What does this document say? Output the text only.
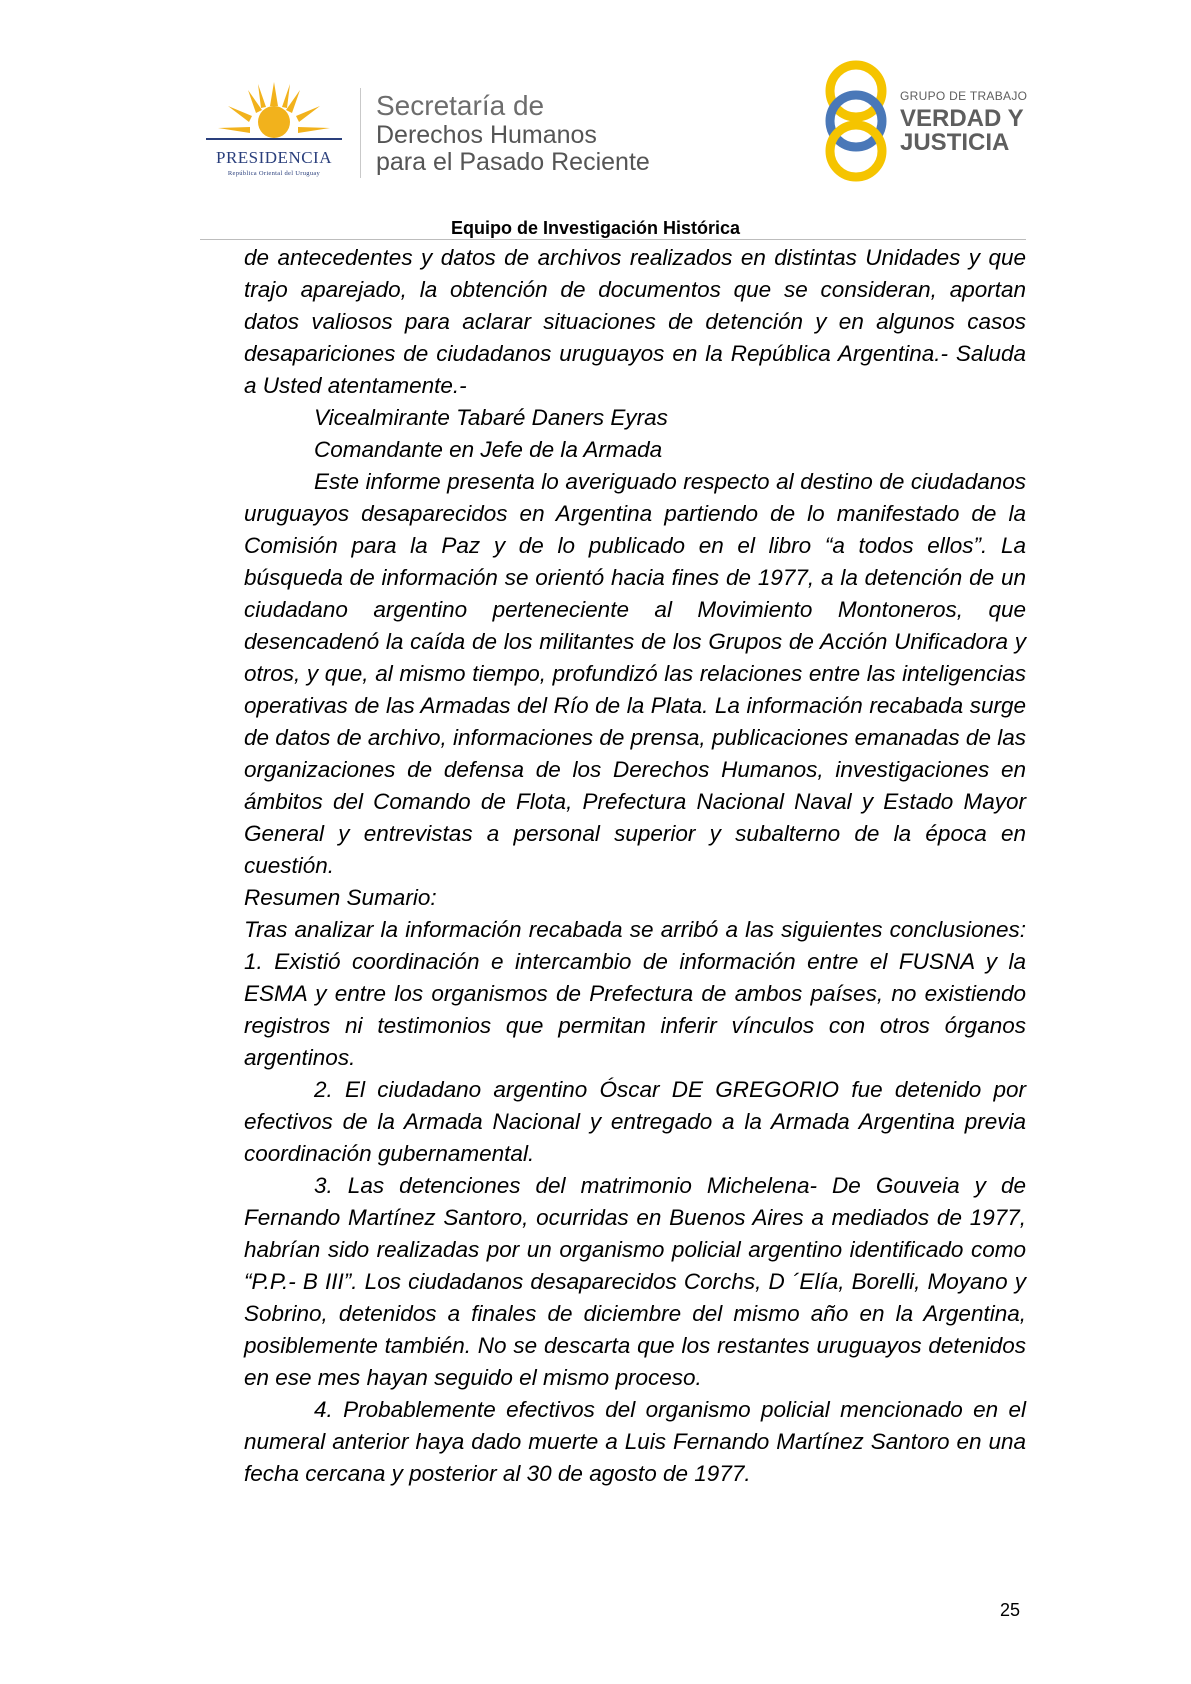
PRESIDENCIA
República Oriental del Uruguay
Secretaría de
Derechos Humanos
para el Pasado Reciente
GRUPO DE TRABAJO
VERDAD Y
JUSTICIA
Equipo de Investigación Histórica

de antecedentes y datos de archivos realizados en distintas Unidades y que trajo aparejado, la obtención de documentos que se consideran, aportan datos valiosos para aclarar situaciones de detención y en algunos casos desapariciones de ciudadanos uruguayos en la República Argentina.- Saluda a Usted atentamente.-

Vicealmirante Tabaré Daners Eyras

Comandante en Jefe de la Armada

Este informe presenta lo averiguado respecto al destino de ciudadanos uruguayos desaparecidos en Argentina partiendo de lo manifestado de la Comisión para la Paz y de lo publicado en el libro “a todos ellos”. La búsqueda de información se orientó hacia fines de 1977, a la detención de un ciudadano argentino perteneciente al Movimiento Montoneros, que desencadenó la caída de los militantes de los Grupos de Acción Unificadora y otros, y que, al mismo tiempo, profundizó las relaciones entre las inteligencias operativas de las Armadas del Río de la Plata. La información recabada surge de datos de archivo, informaciones de prensa, publicaciones emanadas de las organizaciones de defensa de los Derechos Humanos, investigaciones en ámbitos del Comando de Flota, Prefectura Nacional Naval y Estado Mayor General y entrevistas a personal superior y subalterno de la época en cuestión.

Resumen Sumario:

Tras analizar la información recabada se arribó a las siguientes conclusiones: 1. Existió coordinación e intercambio de información entre el FUSNA y la ESMA y entre los organismos de Prefectura de ambos países, no existiendo registros ni testimonios que permitan inferir vínculos con otros órganos argentinos.

2. El ciudadano argentino Óscar DE GREGORIO fue detenido por efectivos de la Armada Nacional y entregado a la Armada Argentina previa coordinación gubernamental.

3. Las detenciones del matrimonio Michelena- De Gouveia y de Fernando Martínez Santoro, ocurridas en Buenos Aires a mediados de 1977, habrían sido realizadas por un organismo policial argentino identificado como “P.P.- B III”. Los ciudadanos desaparecidos Corchs, D ´Elía, Borelli, Moyano y Sobrino, detenidos a finales de diciembre del mismo año en la Argentina, posiblemente también. No se descarta que los restantes uruguayos detenidos en ese mes hayan seguido el mismo proceso.

4. Probablemente efectivos del organismo policial mencionado en el numeral anterior haya dado muerte a Luis Fernando Martínez Santoro en una fecha cercana y posterior al 30 de agosto de 1977.

25
